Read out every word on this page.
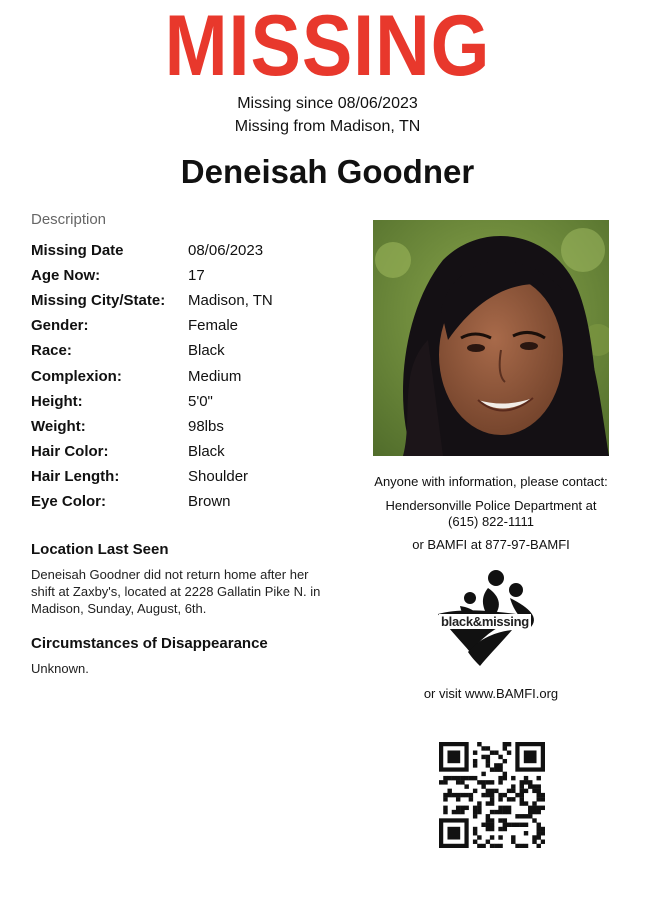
MISSING
Missing since 08/06/2023
Missing from Madison, TN
Deneisah Goodner
Description
Missing Date	08/06/2023
Age Now:	17
Missing City/State:	Madison, TN
Gender:	Female
Race:	Black
Complexion:	Medium
Height:	5'0"
Weight:	98lbs
Hair Color:	Black
Hair Length:	Shoulder
Eye Color:	Brown
Location Last Seen
Deneisah Goodner did not return home after her shift at Zaxby's, located at 2228 Gallatin Pike N. in Madison, Sunday, August, 6th.
Circumstances of Disappearance
Unknown.
Anyone with information, please contact:
Hendersonville Police Department at
(615) 822-1111
or BAMFI at 877-97-BAMFI
black&missing
or visit www.BAMFI.org
